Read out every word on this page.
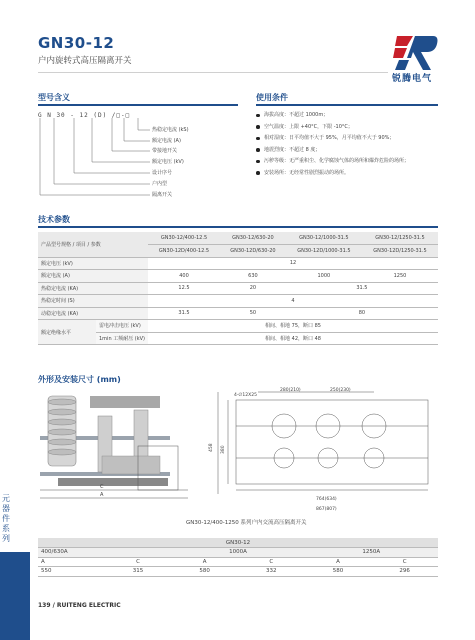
GN30-12
户内旋转式高压隔离开关
锐腾电气
型号含义
G N 30 - 12 (D) /□-□
热稳定电流 (kS)
额定电流 (A)
带接地开关
额定电压 (kV)
设计序号
户内型
隔离开关
使用条件
海拔高度：不超过 1000m；
空气温度：上限 +40°C，下限 -10°C；
相对湿度：日平均值不大于 95%，月平均值不大于 90%；
地震烈度：不超过 8 度；
污秽等级：无严重积尘、化学腐蚀气体的场所和爆炸危险的场所；
安装场所：无经常性剧烈振动的场所。
技术参数
产品型号规格 / 项目 / 参数		GN30-12/400-12.5	GN30-12/630-20	GN30-12/1000-31.5	GN30-12/1250-31.5
		GN30-12D/400-12.5	GN30-12D/630-20	GN30-12D/1000-31.5	GN30-12D/1250-31.5
额定电压 (kV)		12			
额定电流 (A)		400	630	1000	1250
热稳定电流 (KA)		12.5	20	31.5	
热稳定时间 (S)		4			
动稳定电流 (KA)		31.5	50	80	
额定绝缘水平	雷电冲击电压 (kV)	相间、相地 75，断口 85			
	1min 工频耐压 (kV)	相间、相地 42，断口 48			
外形及安装尺寸 (mm)
C
A
4-∅12X25
280(210)	250(230)
458 380
764(634)
867(807)
GN30-12/400-1250 系列户内交流高压隔离开关
GN30-12					
400/630A		1000A		1250A	
A	C	A	C	A	C
550	315	580	332	580	296
元
器
件
系
列
139 / RUITENG ELECTRIC
